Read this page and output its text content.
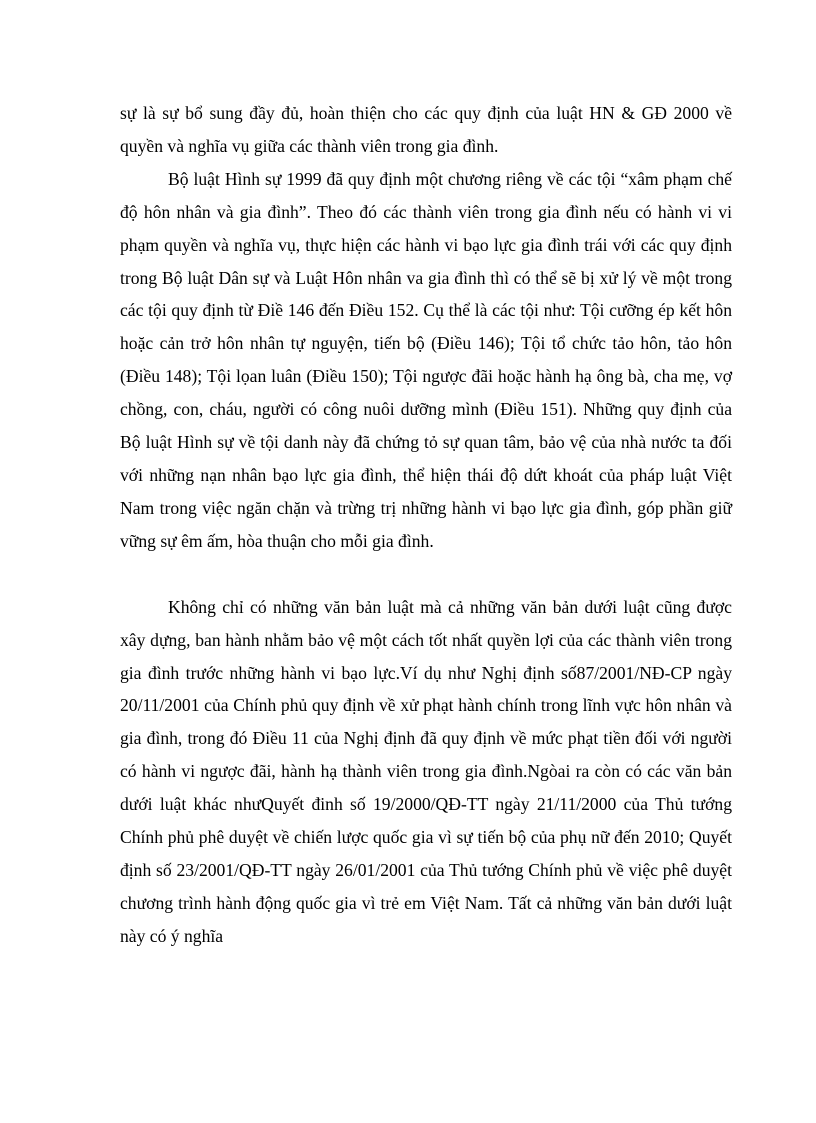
sự là sự bổ sung đầy đủ, hoàn thiện cho các quy định của luật HN & GĐ 2000 về quyền và nghĩa vụ giữa các thành viên trong gia đình.

Bộ luật Hình sự 1999 đã quy định một chương riêng về các tội “xâm phạm chế độ hôn nhân và gia đình”. Theo đó các thành viên trong gia đình nếu có hành vi vi phạm quyền và nghĩa vụ, thực hiện các hành vi bạo lực gia đình trái với các quy định trong Bộ luật Dân sự và Luật Hôn nhân va gia đình thì có thể sẽ bị xử lý về một trong các tội quy định từ Điề 146 đến Điều 152. Cụ thể là các tội như: Tội cưỡng ép kết hôn hoặc cản trở hôn nhân tự nguyện, tiến bộ (Điều 146); Tội tổ chức tảo hôn, tảo hôn (Điều 148); Tội lọan luân (Điều 150); Tội ngược đãi hoặc hành hạ ông bà, cha mẹ, vợ chồng, con, cháu, người có công nuôi dưỡng mình (Điều 151). Những quy định của Bộ luật Hình sự về tội danh này đã chứng tỏ sự quan tâm, bảo vệ của nhà nước ta đối với những nạn nhân bạo lực gia đình, thể hiện thái độ dứt khoát của pháp luật Việt Nam trong việc ngăn chặn và trừng trị những hành vi bạo lực gia đình, góp phần giữ vững sự êm ấm, hòa thuận cho mỗi gia đình.

Không chỉ có những văn bản luật mà cả những văn bản dưới luật cũng được xây dựng, ban hành nhằm bảo vệ một cách tốt nhất quyền lợi của các thành viên trong gia đình trước những hành vi bạo lực.Ví dụ như Nghị định số87/2001/NĐ-CP ngày 20/11/2001 của Chính phủ quy định về xử phạt hành chính trong lĩnh vực hôn nhân và gia đình, trong đó Điều 11 của Nghị định đã quy định về mức phạt tiền đối với người có hành vi ngược đãi, hành hạ thành viên trong gia đình.Ngòai ra còn có các văn bản dưới luật khác nhưQuyết đinh số 19/2000/QĐ-TT ngày 21/11/2000 của Thủ tướng Chính phủ phê duyệt về chiến lược quốc gia vì sự tiến bộ của phụ nữ đến 2010; Quyết định số 23/2001/QĐ-TT ngày 26/01/2001 của Thủ tướng Chính phủ về việc phê duyệt chương trình hành động quốc gia vì trẻ em Việt Nam. Tất cả những văn bản dưới luật này có ý nghĩa
